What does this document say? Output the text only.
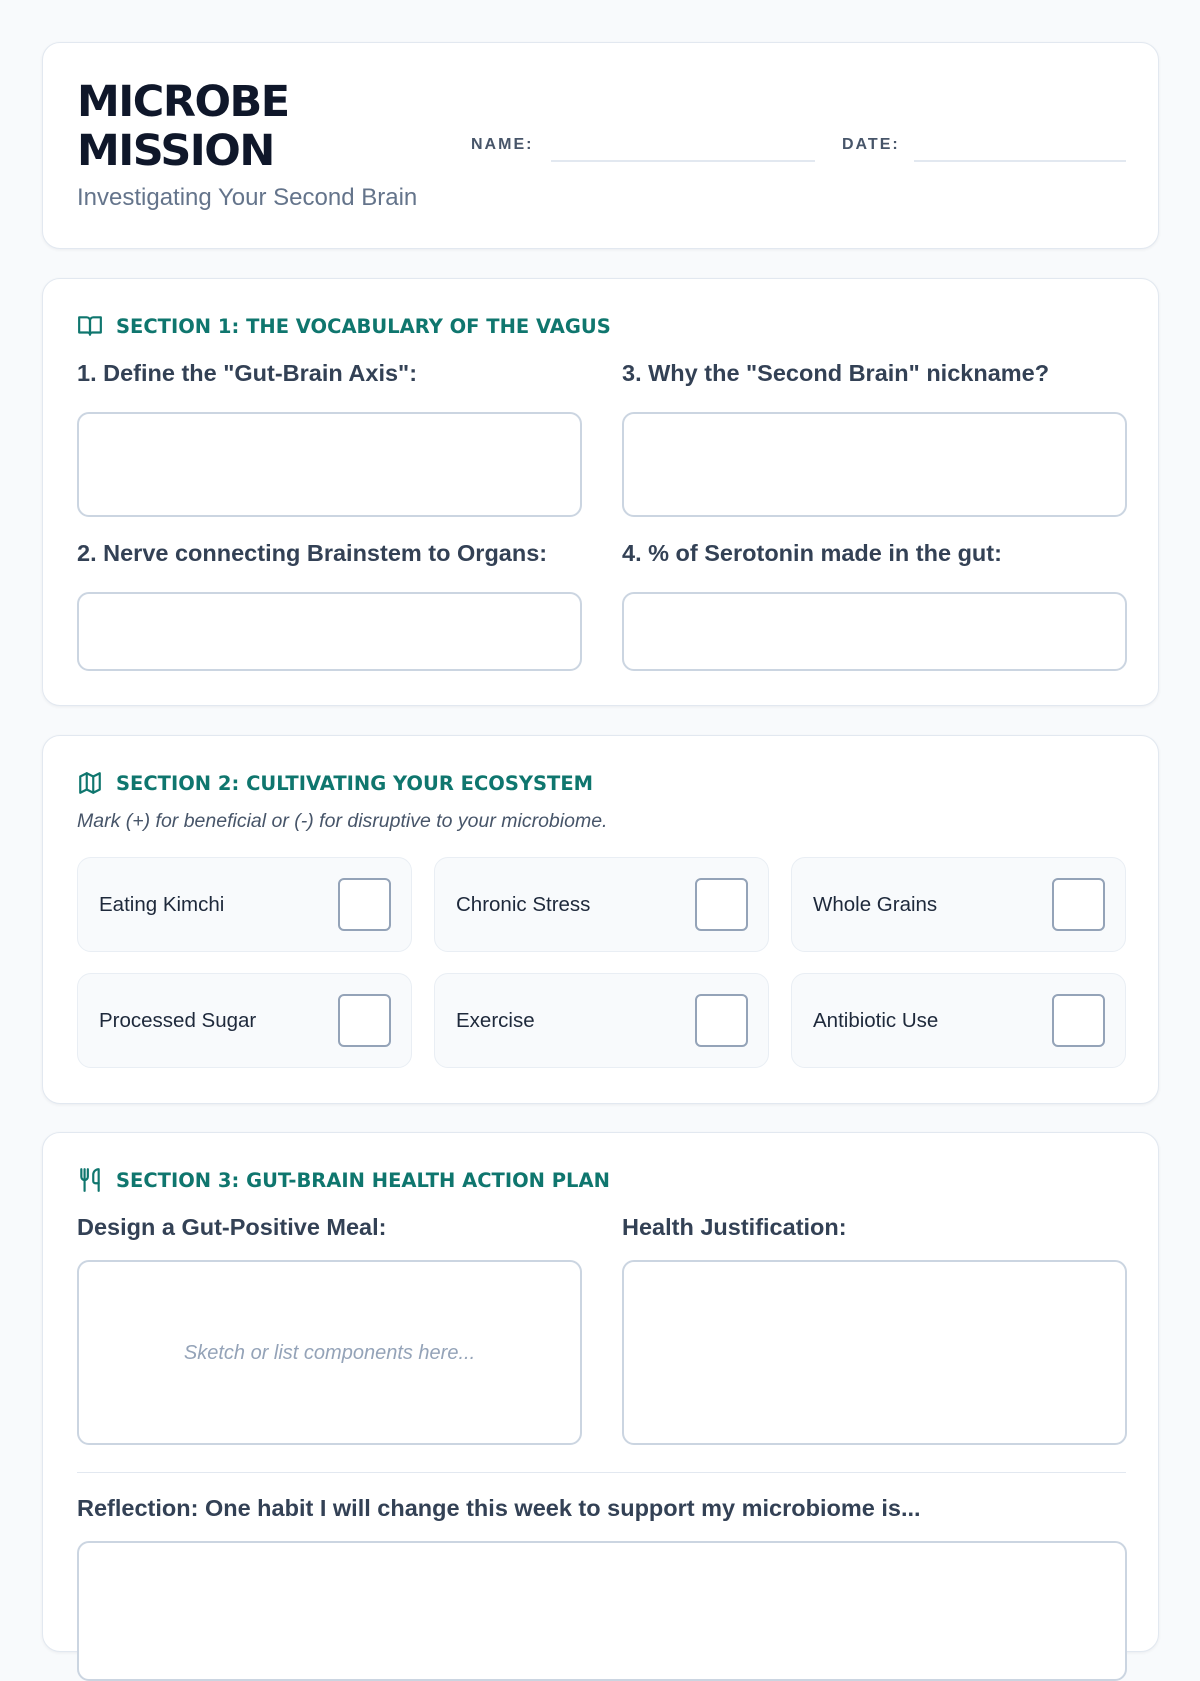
MICROBE
MISSION
Investigating Your Second Brain
NAME:	DATE:
SECTION 1: THE VOCABULARY OF THE VAGUS
1. Define the "Gut-Brain Axis":
2. Nerve connecting Brainstem to Organs:
3. Why the "Second Brain" nickname?
4. % of Serotonin made in the gut:
SECTION 2: CULTIVATING YOUR ECOSYSTEM
Mark (+) for beneficial or (-) for disruptive to your microbiome.
Eating Kimchi	Chronic Stress	Whole Grains
Processed Sugar	Exercise	Antibiotic Use
SECTION 3: GUT-BRAIN HEALTH ACTION PLAN
Design a Gut-Positive Meal:
Sketch or list components here...
Health Justification:
Reflection: One habit I will change this week to support my microbiome is...
